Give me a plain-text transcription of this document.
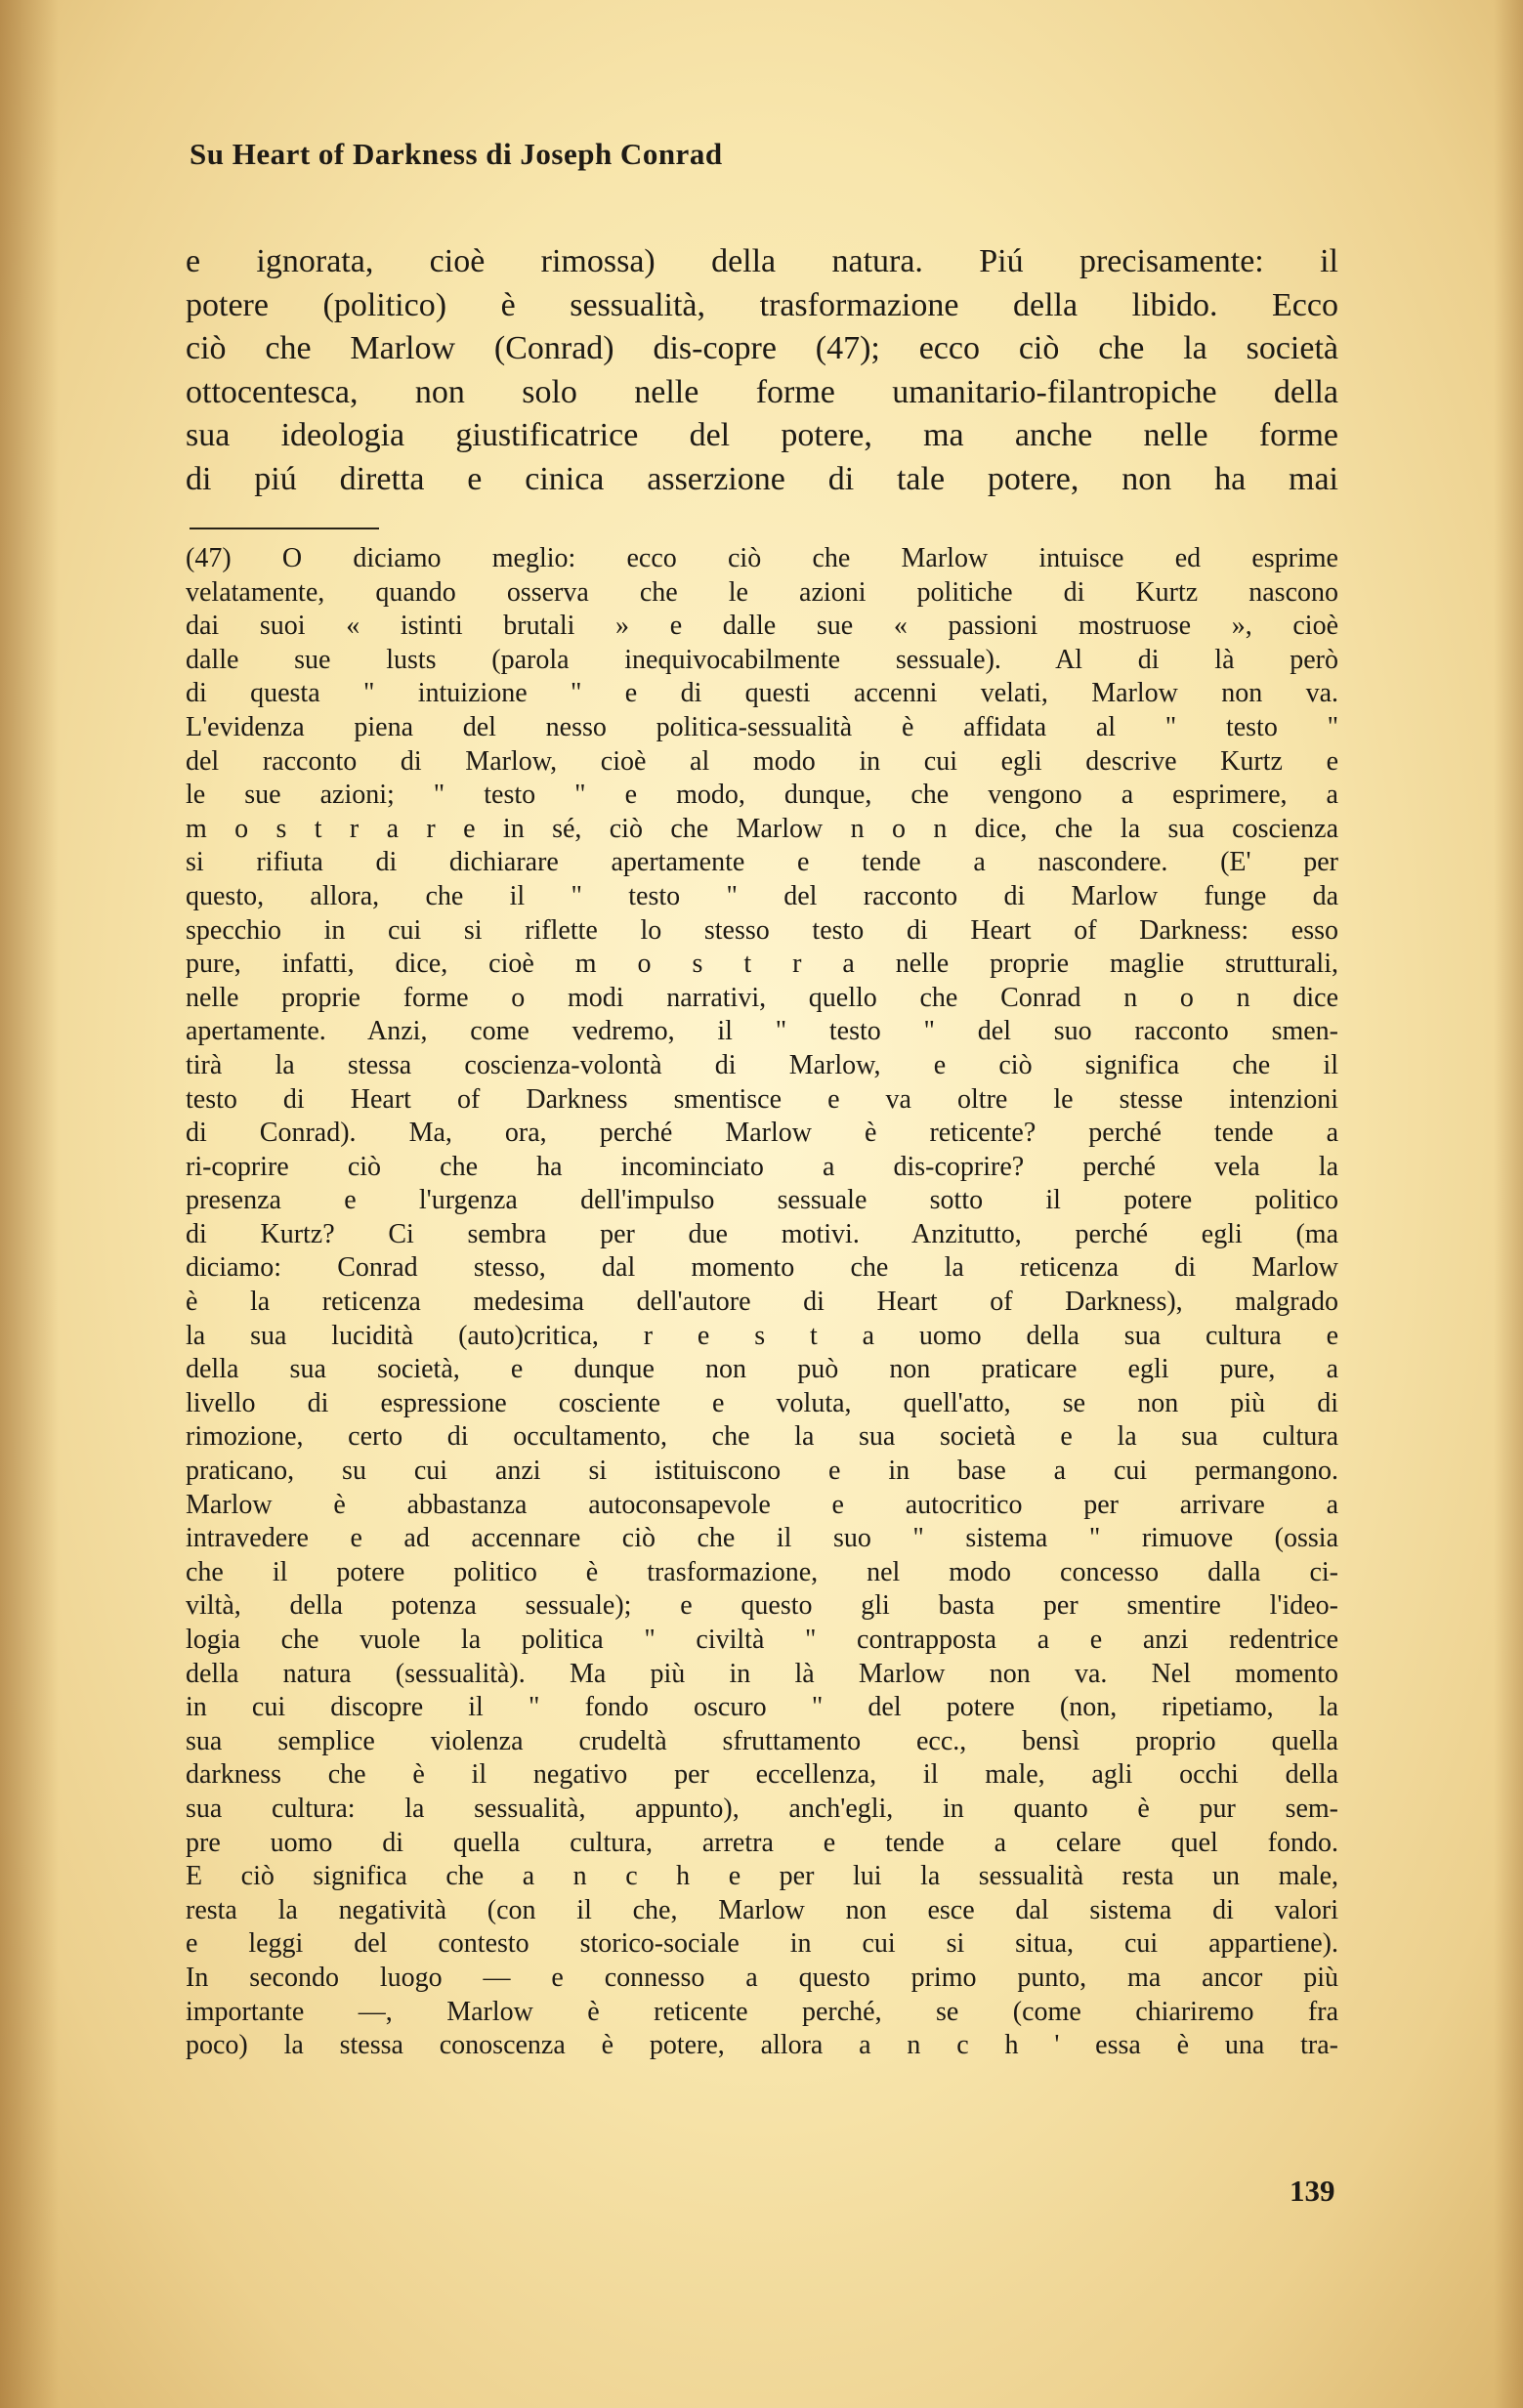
Su Heart of Darkness di Joseph Conrad
e ignorata, cioè rimossa) della natura. Piú precisamente: il
potere (politico) è sessualità, trasformazione della libido. Ecco
ciò che Marlow (Conrad) dis-copre (47); ecco ciò che la società
ottocentesca, non solo nelle forme umanitario-filantropiche della
sua ideologia giustificatrice del potere, ma anche nelle forme
di piú diretta e cinica asserzione di tale potere, non ha mai
(47) O diciamo meglio: ecco ciò che Marlow intuisce ed esprime
velatamente, quando osserva che le azioni politiche di Kurtz nascono
dai suoi « istinti brutali » e dalle sue « passioni mostruose », cioè
dalle sue lusts (parola inequivocabilmente sessuale). Al di là però
di questa " intuizione " e di questi accenni velati, Marlow non va.
L'evidenza piena del nesso politica-sessualità è affidata al " testo "
del racconto di Marlow, cioè al modo in cui egli descrive Kurtz e
le sue azioni; " testo " e modo, dunque, che vengono a esprimere, a
m o s t r a r e in sé, ciò che Marlow n o n dice, che la sua coscienza
si rifiuta di dichiarare apertamente e tende a nascondere. (E' per
questo, allora, che il " testo " del racconto di Marlow funge da
specchio in cui si riflette lo stesso testo di Heart of Darkness: esso
pure, infatti, dice, cioè m o s t r a nelle proprie maglie strutturali,
nelle proprie forme o modi narrativi, quello che Conrad n o n dice
apertamente. Anzi, come vedremo, il " testo " del suo racconto smen-
tirà la stessa coscienza-volontà di Marlow, e ciò significa che il
testo di Heart of Darkness smentisce e va oltre le stesse intenzioni
di Conrad). Ma, ora, perché Marlow è reticente? perché tende a
ri-coprire ciò che ha incominciato a dis-coprire? perché vela la
presenza e l'urgenza dell'impulso sessuale sotto il potere politico
di Kurtz? Ci sembra per due motivi. Anzitutto, perché egli (ma
diciamo: Conrad stesso, dal momento che la reticenza di Marlow
è la reticenza medesima dell'autore di Heart of Darkness), malgrado
la sua lucidità (auto)critica, r e s t a uomo della sua cultura e
della sua società, e dunque non può non praticare egli pure, a
livello di espressione cosciente e voluta, quell'atto, se non più di
rimozione, certo di occultamento, che la sua società e la sua cultura
praticano, su cui anzi si istituiscono e in base a cui permangono.
Marlow è abbastanza autoconsapevole e autocritico per arrivare a
intravedere e ad accennare ciò che il suo " sistema " rimuove (ossia
che il potere politico è trasformazione, nel modo concesso dalla ci-
viltà, della potenza sessuale); e questo gli basta per smentire l'ideo-
logia che vuole la politica " civiltà " contrapposta a e anzi redentrice
della natura (sessualità). Ma più in là Marlow non va. Nel momento
in cui discopre il " fondo oscuro " del potere (non, ripetiamo, la
sua semplice violenza crudeltà sfruttamento ecc., bensì proprio quella
darkness che è il negativo per eccellenza, il male, agli occhi della
sua cultura: la sessualità, appunto), anch'egli, in quanto è pur sem-
pre uomo di quella cultura, arretra e tende a celare quel fondo.
E ciò significa che a n c h e per lui la sessualità resta un male,
resta la negatività (con il che, Marlow non esce dal sistema di valori
e leggi del contesto storico-sociale in cui si situa, cui appartiene).
In secondo luogo — e connesso a questo primo punto, ma ancor più
importante —, Marlow è reticente perché, se (come chiariremo fra
poco) la stessa conoscenza è potere, allora a n c h ' essa è una tra-
139
